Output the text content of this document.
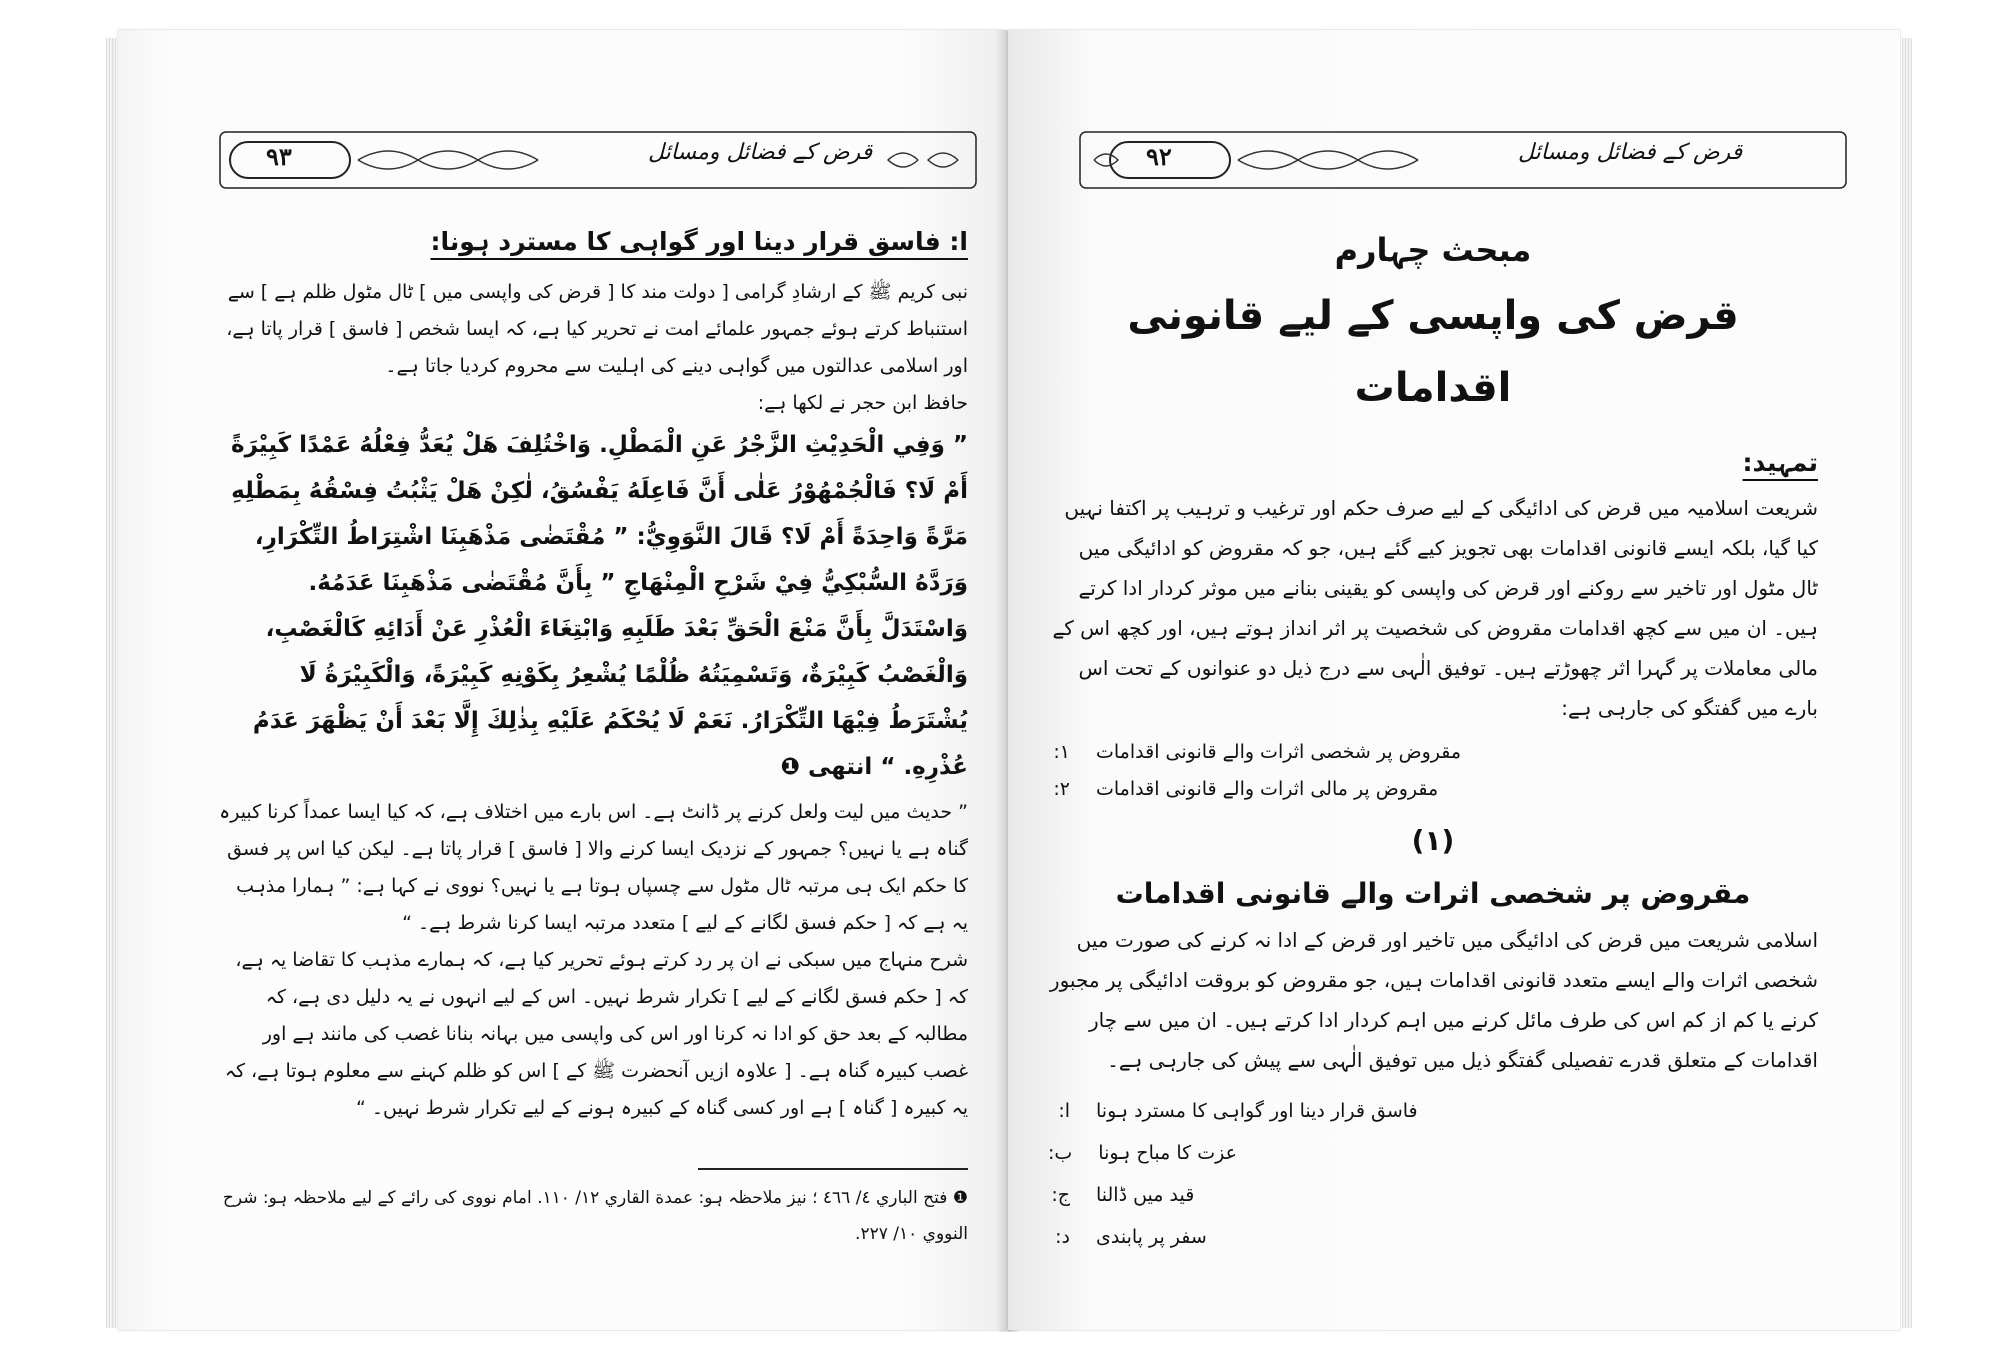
٩٣	قرض کے فضائل ومسائل

ا: فاسق قرار دینا اور گواہی کا مسترد ہونا:

نبی کریم ﷺ کے ارشادِ گرامی [ دولت مند کا [ قرض کی واپسی میں ] ٹال مٹول ظلم ہے ] سے استنباط کرتے ہوئے جمہور علمائے امت نے تحریر کیا ہے، کہ ایسا شخص [ فاسق ] قرار پاتا ہے، اور اسلامی عدالتوں میں گواہی دینے کی اہلیت سے محروم کردیا جاتا ہے۔

حافظ ابن حجر نے لکھا ہے:

” وَفِي الْحَدِيْثِ الزَّجْرُ عَنِ الْمَطْلِ. وَاخْتُلِفَ هَلْ يُعَدُّ فِعْلُهُ عَمْدًا كَبِيْرَةً أَمْ لَا؟ فَالْجُمْهُوْرُ عَلٰى أَنَّ فَاعِلَهُ يَفْسُقُ، لٰكِنْ هَلْ يَثْبُتُ فِسْقُهُ بِمَطْلِهِ مَرَّةً وَاحِدَةً أَمْ لَا؟ قَالَ النَّوَوِيُّ: ” مُقْتَضٰى مَذْهَبِنَا اشْتِرَاطُ التِّكْرَارِ، وَرَدَّهُ السُّبْكِيُّ فِيْ شَرْحِ الْمِنْهَاجِ ” بِأَنَّ مُقْتَضٰى مَذْهَبِنَا عَدَمُهُ. وَاسْتَدَلَّ بِأَنَّ مَنْعَ الْحَقِّ بَعْدَ طَلَبِهِ وَابْتِغَاءَ الْعُذْرِ عَنْ أَدَائِهِ كَالْغَصْبِ، وَالْغَصْبُ كَبِيْرَةٌ، وَتَسْمِيَتُهُ ظُلْمًا يُشْعِرُ بِكَوْنِهِ كَبِيْرَةً، وَالْكَبِيْرَةُ لَا يُشْتَرَطُ فِيْهَا التِّكْرَارُ. نَعَمْ لَا يُحْكَمُ عَلَيْهِ بِذٰلِكَ إِلَّا بَعْدَ أَنْ يَظْهَرَ عَدَمُ عُذْرِهِ. “ انتهى ❶

” حدیث میں لیت ولعل کرنے پر ڈانٹ ہے۔ اس بارے میں اختلاف ہے، کہ کیا ایسا عمداً کرنا کبیرہ گناہ ہے یا نہیں؟ جمہور کے نزدیک ایسا کرنے والا [ فاسق ] قرار پاتا ہے۔ لیکن کیا اس پر فسق کا حکم ایک ہی مرتبہ ٹال مٹول سے چسپاں ہوتا ہے یا نہیں؟ نووی نے کہا ہے: ” ہمارا مذہب یہ ہے کہ [ حکم فسق لگانے کے لیے ] متعدد مرتبہ ایسا کرنا شرط ہے۔ “

شرح منہاج میں سبکی نے ان پر رد کرتے ہوئے تحریر کیا ہے، کہ ہمارے مذہب کا تقاضا یہ ہے، کہ [ حکم فسق لگانے کے لیے ] تکرار شرط نہیں۔ اس کے لیے انہوں نے یہ دلیل دی ہے، کہ مطالبہ کے بعد حق کو ادا نہ کرنا اور اس کی واپسی میں بہانہ بنانا غصب کی مانند ہے اور غصب کبیرہ گناہ ہے۔ [ علاوہ ازیں آنحضرت ﷺ کے ] اس کو ظلم کہنے سے معلوم ہوتا ہے، کہ یہ کبیرہ [ گناہ ] ہے اور کسی گناہ کے کبیرہ ہونے کے لیے تکرار شرط نہیں۔ “

❶ فتح الباري ٤/ ٤٦٦ ؛ نیز ملاحظہ ہو: عمدة القاري ١٢/ ١١٠. امام نووی کی رائے کے لیے ملاحظہ ہو: شرح النووي ١٠/ ٢٢٧.

٩٢	قرض کے فضائل ومسائل

مبحث چہارم

قرض کی واپسی کے لیے قانونی اقدامات

تمہید:

شریعت اسلامیہ میں قرض کی ادائیگی کے لیے صرف حکم اور ترغیب و ترہیب پر اکتفا نہیں کیا گیا، بلکہ ایسے قانونی اقدامات بھی تجویز کیے گئے ہیں، جو کہ مقروض کو ادائیگی میں ٹال مٹول اور تاخیر سے روکنے اور قرض کی واپسی کو یقینی بنانے میں موثر کردار ادا کرتے ہیں۔ ان میں سے کچھ اقدامات مقروض کی شخصیت پر اثر انداز ہوتے ہیں، اور کچھ اس کے مالی معاملات پر گہرا اثر چھوڑتے ہیں۔ توفیق الٰہی سے درج ذیل دو عنوانوں کے تحت اس بارے میں گفتگو کی جارہی ہے:

١: مقروض پر شخصی اثرات والے قانونی اقدامات
٢: مقروض پر مالی اثرات والے قانونی اقدامات

(١)

مقروض پر شخصی اثرات والے قانونی اقدامات

اسلامی شریعت میں قرض کی ادائیگی میں تاخیر اور قرض کے ادا نہ کرنے کی صورت میں شخصی اثرات والے ایسے متعدد قانونی اقدامات ہیں، جو مقروض کو بروقت ادائیگی پر مجبور کرنے یا کم از کم اس کی طرف مائل کرنے میں اہم کردار ادا کرتے ہیں۔ ان میں سے چار اقدامات کے متعلق قدرے تفصیلی گفتگو ذیل میں توفیق الٰہی سے پیش کی جارہی ہے۔

ا: فاسق قرار دینا اور گواہی کا مسترد ہونا
ب: عزت کا مباح ہونا
ج: قید میں ڈالنا
د: سفر پر پابندی
